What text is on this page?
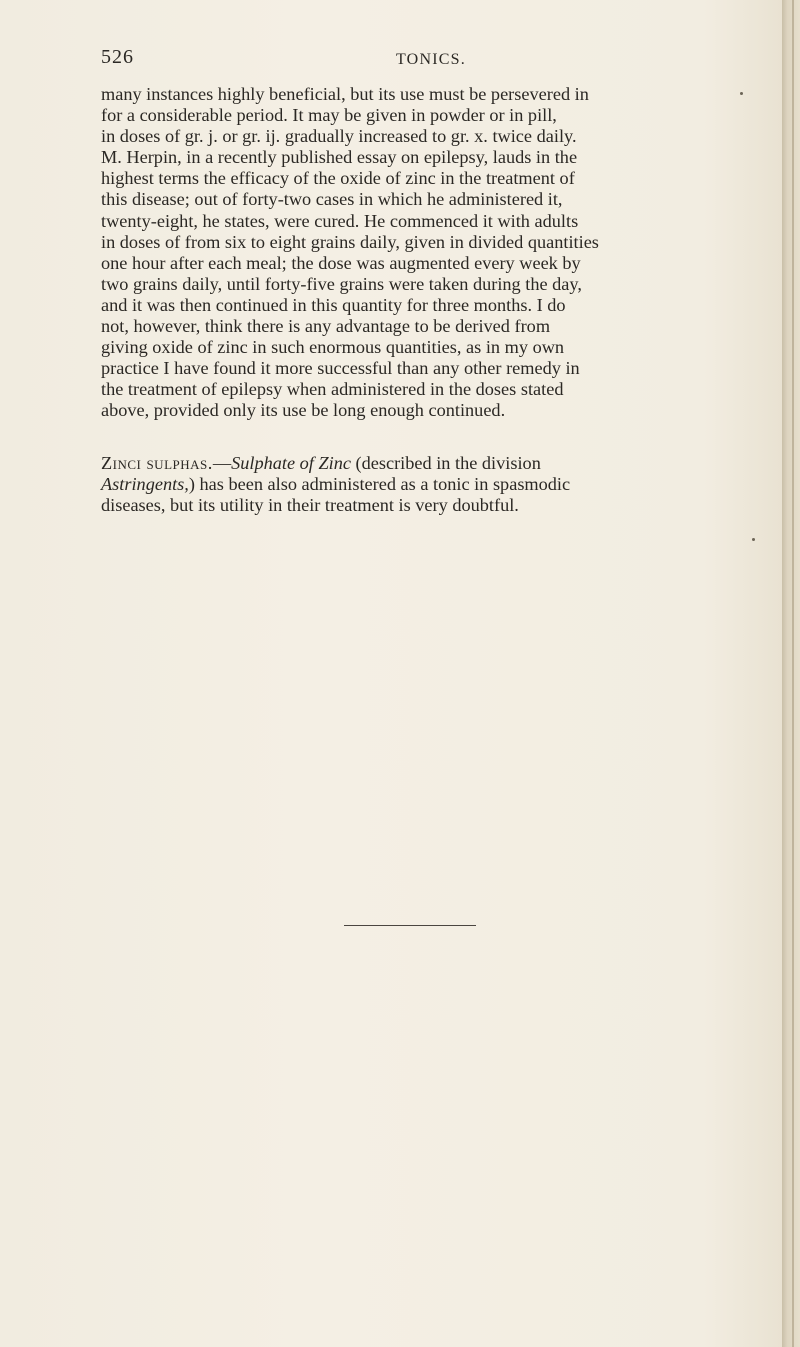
526	TONICS.

many instances highly beneficial, but its use must be persevered in
for a considerable period. It may be given in powder or in pill,
in doses of gr. j. or gr. ij. gradually increased to gr. x. twice daily.
M. Herpin, in a recently published essay on epilepsy, lauds in the
highest terms the efficacy of the oxide of zinc in the treatment of
this disease; out of forty-two cases in which he administered it,
twenty-eight, he states, were cured. He commenced it with adults
in doses of from six to eight grains daily, given in divided quantities
one hour after each meal; the dose was augmented every week by
two grains daily, until forty-five grains were taken during the day,
and it was then continued in this quantity for three months. I do
not, however, think there is any advantage to be derived from
giving oxide of zinc in such enormous quantities, as in my own
practice I have found it more successful than any other remedy in
the treatment of epilepsy when administered in the doses stated
above, provided only its use be long enough continued.

Zinci sulphas.—Sulphate of Zinc (described in the division
Astringents,) has been also administered as a tonic in spasmodic
diseases, but its utility in their treatment is very doubtful.
